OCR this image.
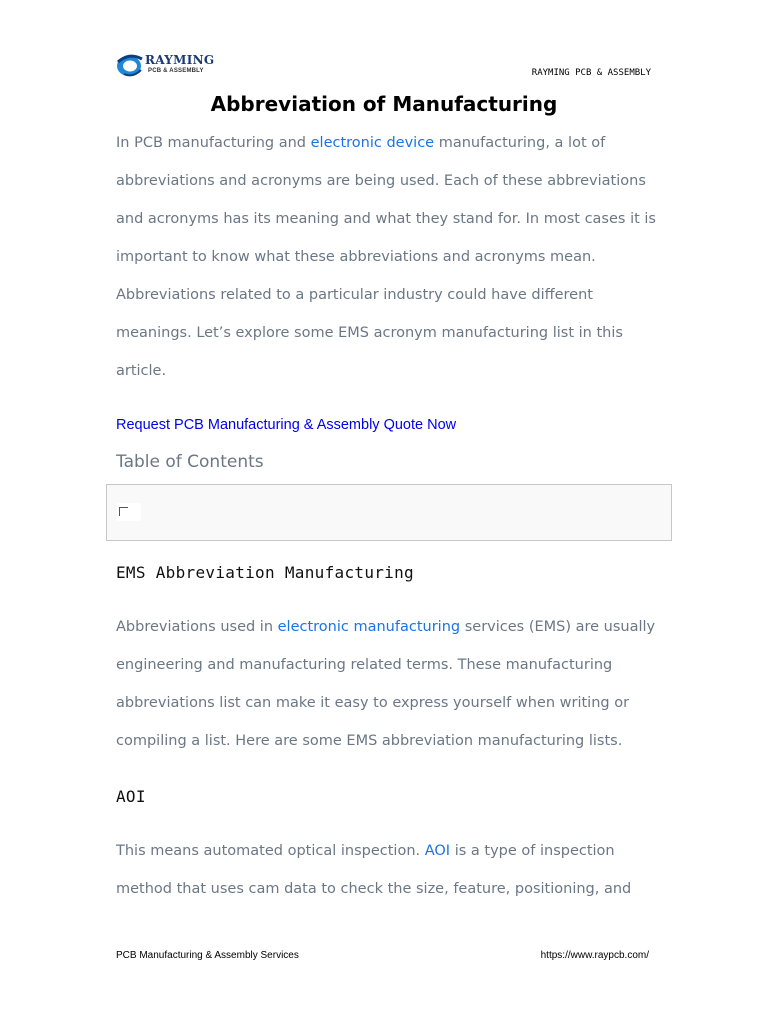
RAYMING
PCB & ASSEMBLY	RAYMING PCB & ASSEMBLY
Abbreviation of Manufacturing

In PCB manufacturing and electronic device manufacturing, a lot of abbreviations and acronyms are being used. Each of these abbreviations and acronyms has its meaning and what they stand for. In most cases it is important to know what these abbreviations and acronyms mean. Abbreviations related to a particular industry could have different meanings. Let’s explore some EMS acronym manufacturing list in this article.

Request PCB Manufacturing & Assembly Quote Now
Table of Contents
EMS Abbreviation Manufacturing

Abbreviations used in electronic manufacturing services (EMS) are usually engineering and manufacturing related terms. These manufacturing abbreviations list can make it easy to express yourself when writing or compiling a list. Here are some EMS abbreviation manufacturing lists.

AOI

This means automated optical inspection. AOI is a type of inspection method that uses cam data to check the size, feature, positioning, and

PCB Manufacturing & Assembly Services	https://www.raypcb.com/
